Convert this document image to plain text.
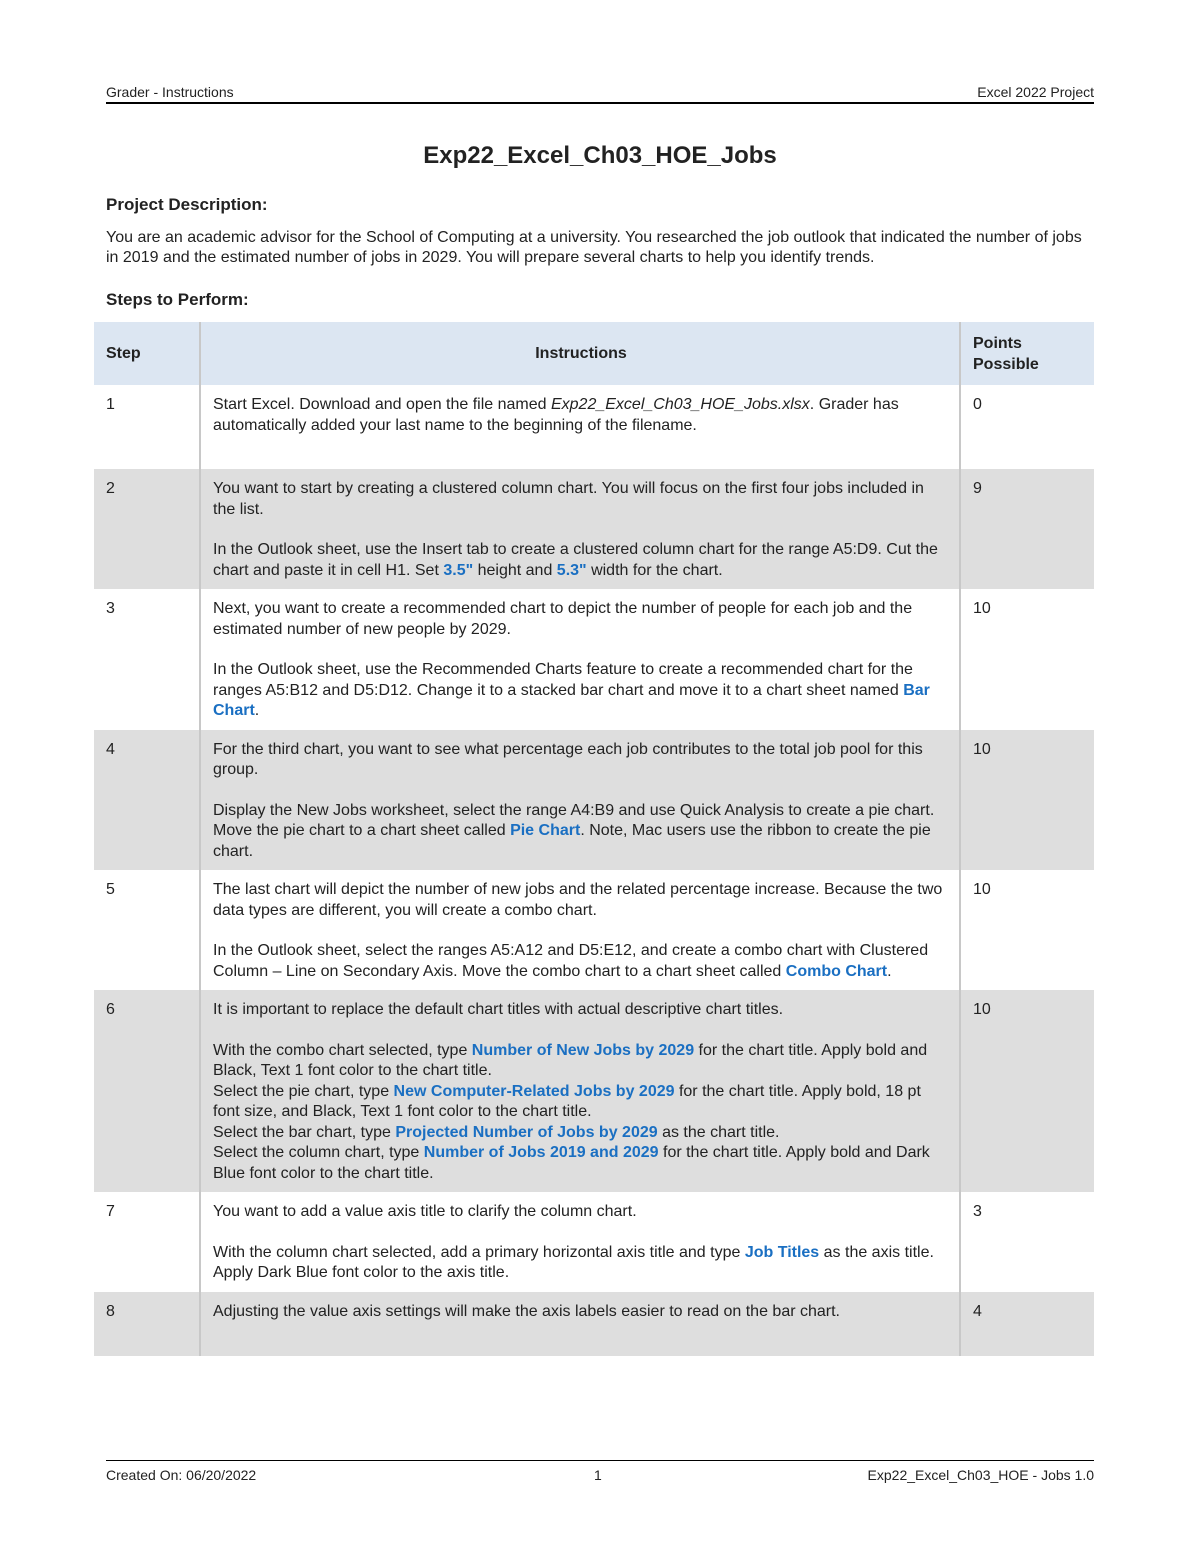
Grader - Instructions	Excel 2022 Project
Exp22_Excel_Ch03_HOE_Jobs
Project Description:
You are an academic advisor for the School of Computing at a university. You researched the job outlook that indicated the number of jobs in 2019 and the estimated number of jobs in 2029. You will prepare several charts to help you identify trends.
Steps to Perform:
Step	Instructions	Points Possible
1	Start Excel. Download and open the file named Exp22_Excel_Ch03_HOE_Jobs.xlsx. Grader has automatically added your last name to the beginning of the filename.	0
2	You want to start by creating a clustered column chart. You will focus on the first four jobs included in the list.

In the Outlook sheet, use the Insert tab to create a clustered column chart for the range A5:D9. Cut the chart and paste it in cell H1. Set 3.5" height and 5.3" width for the chart.	9
3	Next, you want to create a recommended chart to depict the number of people for each job and the estimated number of new people by 2029.

In the Outlook sheet, use the Recommended Charts feature to create a recommended chart for the ranges A5:B12 and D5:D12. Change it to a stacked bar chart and move it to a chart sheet named Bar Chart.	10
4	For the third chart, you want to see what percentage each job contributes to the total job pool for this group.

Display the New Jobs worksheet, select the range A4:B9 and use Quick Analysis to create a pie chart. Move the pie chart to a chart sheet called Pie Chart. Note, Mac users use the ribbon to create the pie chart.	10
5	The last chart will depict the number of new jobs and the related percentage increase. Because the two data types are different, you will create a combo chart.

In the Outlook sheet, select the ranges A5:A12 and D5:E12, and create a combo chart with Clustered Column – Line on Secondary Axis. Move the combo chart to a chart sheet called Combo Chart.	10
6	It is important to replace the default chart titles with actual descriptive chart titles.

With the combo chart selected, type Number of New Jobs by 2029 for the chart title. Apply bold and Black, Text 1 font color to the chart title.
Select the pie chart, type New Computer-Related Jobs by 2029 for the chart title. Apply bold, 18 pt font size, and Black, Text 1 font color to the chart title.
Select the bar chart, type Projected Number of Jobs by 2029 as the chart title.
Select the column chart, type Number of Jobs 2019 and 2029 for the chart title. Apply bold and Dark Blue font color to the chart title.	10
7	You want to add a value axis title to clarify the column chart.

With the column chart selected, add a primary horizontal axis title and type Job Titles as the axis title. Apply Dark Blue font color to the axis title.	3
8	Adjusting the value axis settings will make the axis labels easier to read on the bar chart.	4
Created On: 06/20/2022	1	Exp22_Excel_Ch03_HOE - Jobs 1.0
